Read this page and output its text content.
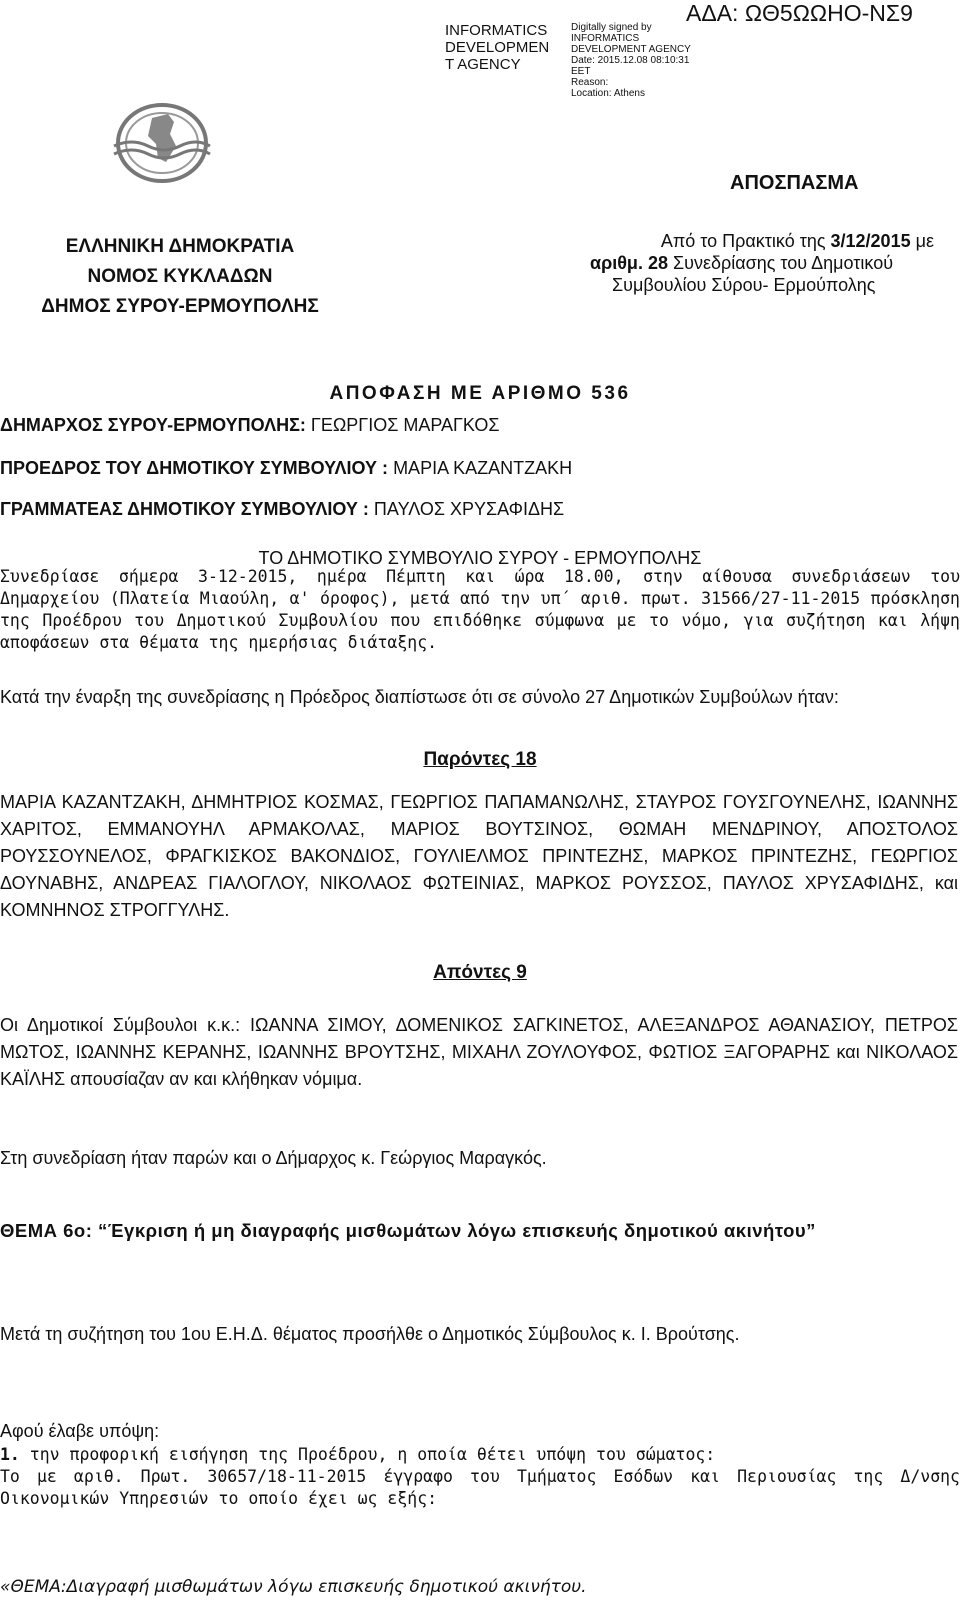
INFORMATICS
DEVELOPMEN
T AGENCY
Digitally signed by
INFORMATICS
DEVELOPMENT AGENCY
Date: 2015.12.08 08:10:31
EET
Reason:
Location: Athens
ΑΔΑ: ΩΘ5ΩΩΗΟ-ΝΣ9
ΑΠΟΣΠΑΣΜΑ
ΕΛΛΗΝΙΚΗ ΔΗΜΟΚΡΑΤΙΑ
ΝΟΜΟΣ ΚΥΚΛΑΔΩΝ
ΔΗΜΟΣ ΣΥΡΟΥ-ΕΡΜΟΥΠΟΛΗΣ
Από το Πρακτικό της 3/12/2015 με
αριθμ. 28 Συνεδρίασης του Δημοτικού
Συμβουλίου Σύρου- Ερμούπολης
ΑΠΟΦΑΣΗ ΜΕ ΑΡΙΘΜΟ 536
ΔΗΜΑΡΧΟΣ ΣΥΡΟΥ-ΕΡΜΟΥΠΟΛΗΣ: ΓΕΩΡΓΙΟΣ ΜΑΡΑΓΚΟΣ
ΠΡΟΕΔΡΟΣ ΤΟΥ ΔΗΜΟΤΙΚΟΥ ΣΥΜΒΟΥΛΙΟΥ : ΜΑΡΙΑ ΚΑΖΑΝΤΖΑΚΗ
ΓΡΑΜΜΑΤΕΑΣ ΔΗΜΟΤΙΚΟΥ ΣΥΜΒΟΥΛΙΟΥ : ΠΑΥΛΟΣ ΧΡΥΣΑΦΙΔΗΣ
ΤΟ ΔΗΜΟΤΙΚΟ ΣΥΜΒΟΥΛΙΟ ΣΥΡΟΥ - ΕΡΜΟΥΠΟΛΗΣ

Συνεδρίασε σήμερα 3-12-2015, ημέρα Πέμπτη και ώρα 18.00, στην αίθουσα συνεδριάσεων του Δημαρχείου (Πλατεία Μιαούλη, α' όροφος), μετά από την υπ΄ αριθ. πρωτ. 31566/27-11-2015 πρόσκληση της Προέδρου του Δημοτικού Συμβουλίου που επιδόθηκε σύμφωνα με το νόμο, για συζήτηση και λήψη αποφάσεων στα θέματα της ημερήσιας διάταξης.

Κατά την έναρξη της συνεδρίασης η Πρόεδρος διαπίστωσε ότι σε σύνολο 27 Δημοτικών Συμβούλων ήταν:
Παρόντες 18
ΜΑΡΙΑ ΚΑΖΑΝΤΖΑΚΗ, ΔΗΜΗΤΡΙΟΣ ΚΟΣΜΑΣ, ΓΕΩΡΓΙΟΣ ΠΑΠΑΜΑΝΩΛΗΣ, ΣΤΑΥΡΟΣ ΓΟΥΣΓΟΥΝΕΛΗΣ, ΙΩΑΝΝΗΣ ΧΑΡΙΤΟΣ, ΕΜΜΑΝΟΥΗΛ ΑΡΜΑΚΟΛΑΣ, ΜΑΡΙΟΣ ΒΟΥΤΣΙΝΟΣ, ΘΩΜΑΗ ΜΕΝΔΡΙΝΟΥ, ΑΠΟΣΤΟΛΟΣ ΡΟΥΣΣΟΥΝΕΛΟΣ, ΦΡΑΓΚΙΣΚΟΣ ΒΑΚΟΝΔΙΟΣ, ΓΟΥΛΙΕΛΜΟΣ ΠΡΙΝΤΕΖΗΣ, ΜΑΡΚΟΣ ΠΡΙΝΤΕΖΗΣ, ΓΕΩΡΓΙΟΣ ΔΟΥΝΑΒΗΣ, ΑΝΔΡΕΑΣ ΓΙΑΛΟΓΛΟΥ, ΝΙΚΟΛΑΟΣ ΦΩΤΕΙΝΙΑΣ, ΜΑΡΚΟΣ ΡΟΥΣΣΟΣ, ΠΑΥΛΟΣ ΧΡΥΣΑΦΙΔΗΣ, και ΚΟΜΝΗΝΟΣ ΣΤΡΟΓΓΥΛΗΣ.
Απόντες 9
Οι Δημοτικοί Σύμβουλοι κ.κ.: ΙΩΑΝΝΑ ΣΙΜΟΥ, ΔΟΜΕΝΙΚΟΣ ΣΑΓΚΙΝΕΤΟΣ, ΑΛΕΞΑΝΔΡΟΣ ΑΘΑΝΑΣΙΟΥ, ΠΕΤΡΟΣ ΜΩΤΟΣ, ΙΩΑΝΝΗΣ ΚΕΡΑΝΗΣ, ΙΩΑΝΝΗΣ ΒΡΟΥΤΣΗΣ, ΜΙΧΑΗΛ ΖΟΥΛΟΥΦΟΣ, ΦΩΤΙΟΣ ΞΑΓΟΡΑΡΗΣ και ΝΙΚΟΛΑΟΣ ΚΑΪΛΗΣ απουσίαζαν αν και κλήθηκαν νόμιμα.
Στη συνεδρίαση ήταν παρών και ο Δήμαρχος κ. Γεώργιος Μαραγκός.
ΘΕΜΑ 6ο: “Έγκριση ή μη διαγραφής μισθωμάτων λόγω επισκευής δημοτικού ακινήτου”
Μετά τη συζήτηση του 1ου Ε.Η.Δ. θέματος προσήλθε ο Δημοτικός Σύμβουλος κ. Ι. Βρούτσης.
Αφού έλαβε υπόψη:
1. την προφορική εισήγηση της Προέδρου, η οποία θέτει υπόψη του σώματος:

Το με αριθ. Πρωτ. 30657/18-11-2015 έγγραφο του Τμήματος Εσόδων και Περιουσίας της Δ/νσης Οικονομικών Υπηρεσιών το οποίο έχει ως εξής:

«ΘΕΜΑ:Διαγραφή μισθωμάτων λόγω επισκευής δημοτικού ακινήτου.
